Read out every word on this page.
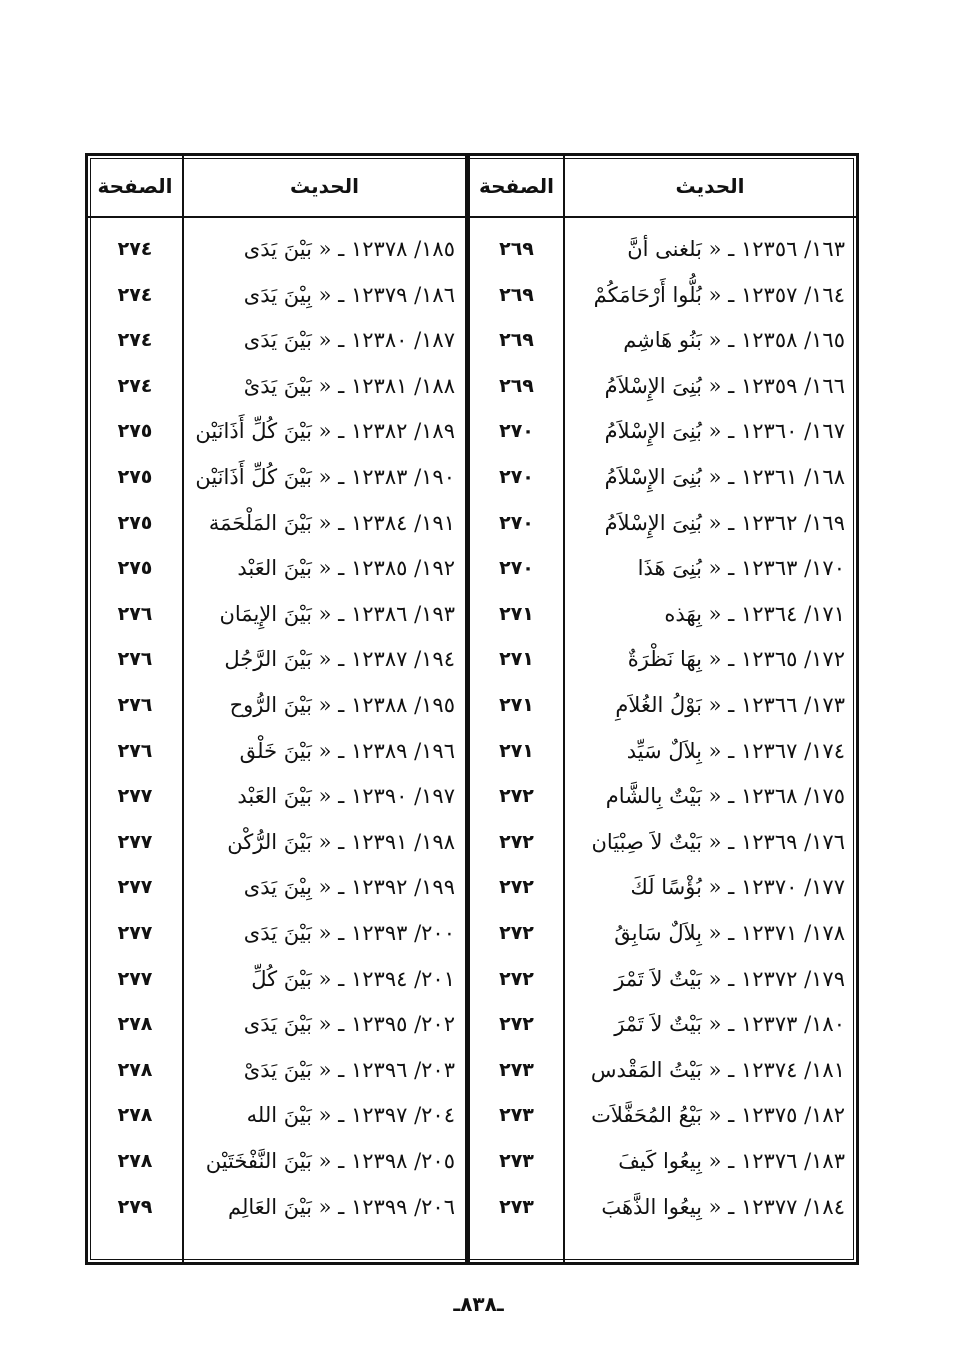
الحديث
الصفحة
الحديث
الصفحة
١٦٣/ ١٢٣٥٦ ـ « بَلغنى أنَّ
٢٦٩
١٨٥/ ١٢٣٧٨ ـ « بَيْنَ يَدَى
٢٧٤
١٦٤/ ١٢٣٥٧ ـ « بُلُّوا أَرْحَامَكُمْ
٢٦٩
١٨٦/ ١٢٣٧٩ ـ « بِيْنَ يَدَى
٢٧٤
١٦٥/ ١٢٣٥٨ ـ « بَنُو هَاشِم
٢٦٩
١٨٧/ ١٢٣٨٠ ـ « بَيْنَ يَدَى
٢٧٤
١٦٦/ ١٢٣٥٩ ـ « بُنِىَ الإِسْلاَمُ
٢٦٩
١٨٨/ ١٢٣٨١ ـ « بَيْنَ يَدَىْ
٢٧٤
١٦٧/ ١٢٣٦٠ ـ « بُنِىَ الإِسْلاَمُ
٢٧٠
١٨٩/ ١٢٣٨٢ ـ « بَيْنَ كُلِّ أَذَانَيْن
٢٧٥
١٦٨/ ١٢٣٦١ ـ « بُنِىَ الإِسْلاَمُ
٢٧٠
١٩٠/ ١٢٣٨٣ ـ « بَيْنَ كُلِّ أَذَانَيْن
٢٧٥
١٦٩/ ١٢٣٦٢ ـ « بُنِىَ الإِسْلاَمُ
٢٧٠
١٩١/ ١٢٣٨٤ ـ « بَيْنَ المَلْحَمَة
٢٧٥
١٧٠/ ١٢٣٦٣ ـ « بُنِىَ هَذَا
٢٧٠
١٩٢/ ١٢٣٨٥ ـ « بَيْنَ العَبْد
٢٧٥
١٧١/ ١٢٣٦٤ ـ « بِهَذه
٢٧١
١٩٣/ ١٢٣٨٦ ـ « بَيْنَ الإِيمَان
٢٧٦
١٧٢/ ١٢٣٦٥ ـ « بِهَا نَظْرَةٌ
٢٧١
١٩٤/ ١٢٣٨٧ ـ « بَيْنَ الرَّجُل
٢٧٦
١٧٣/ ١٢٣٦٦ ـ « بَوْلُ الغُلاَمِ
٢٧١
١٩٥/ ١٢٣٨٨ ـ « بَيْنَ الرُّوح
٢٧٦
١٧٤/ ١٢٣٦٧ ـ « بِلاَلٌ سَيِّد
٢٧١
١٩٦/ ١٢٣٨٩ ـ « بَيْنَ خَلْق
٢٧٦
١٧٥/ ١٢٣٦٨ ـ « بَيْتٌ بِالشَّام
٢٧٢
١٩٧/ ١٢٣٩٠ ـ « بَيْنَ العَبْد
٢٧٧
١٧٦/ ١٢٣٦٩ ـ « بَيْتٌ لاَ صِبْيَان
٢٧٢
١٩٨/ ١٢٣٩١ ـ « بَيْنَ الرُّكْن
٢٧٧
١٧٧/ ١٢٣٧٠ ـ « بُؤْسًا لَكَ
٢٧٢
١٩٩/ ١٢٣٩٢ ـ « بِيْنَ يَدَى
٢٧٧
١٧٨/ ١٢٣٧١ ـ « بِلاَلٌ سَابِقُ
٢٧٢
٢٠٠/ ١٢٣٩٣ ـ « بَيْنَ يَدَى
٢٧٧
١٧٩/ ١٢٣٧٢ ـ « بَيْتٌ لاَ تَمْرَ
٢٧٢
٢٠١/ ١٢٣٩٤ ـ « بَيْنَ كُلِّ
٢٧٧
١٨٠/ ١٢٣٧٣ ـ « بَيْتٌ لاَ تَمْرَ
٢٧٢
٢٠٢/ ١٢٣٩٥ ـ « بَيْنَ يَدَى
٢٧٨
١٨١/ ١٢٣٧٤ ـ « بَيْتُ المَقْدس
٢٧٣
٢٠٣/ ١٢٣٩٦ ـ « بَيْنَ يَدَىْ
٢٧٨
١٨٢/ ١٢٣٧٥ ـ « بَيْعُ المُحَفَّلاَت
٢٧٣
٢٠٤/ ١٢٣٩٧ ـ « بَيْنَ الله
٢٧٨
١٨٣/ ١٢٣٧٦ ـ « بِيعُوا كَيفَ
٢٧٣
٢٠٥/ ١٢٣٩٨ ـ « بَيْنَ النَّفْخَتَيْن
٢٧٨
١٨٤/ ١٢٣٧٧ ـ « بِيعُوا الذَّهَبَ
٢٧٣
٢٠٦/ ١٢٣٩٩ ـ « بَيْنَ العَالِم
٢٧٩
ـ٨٣٨ـ
